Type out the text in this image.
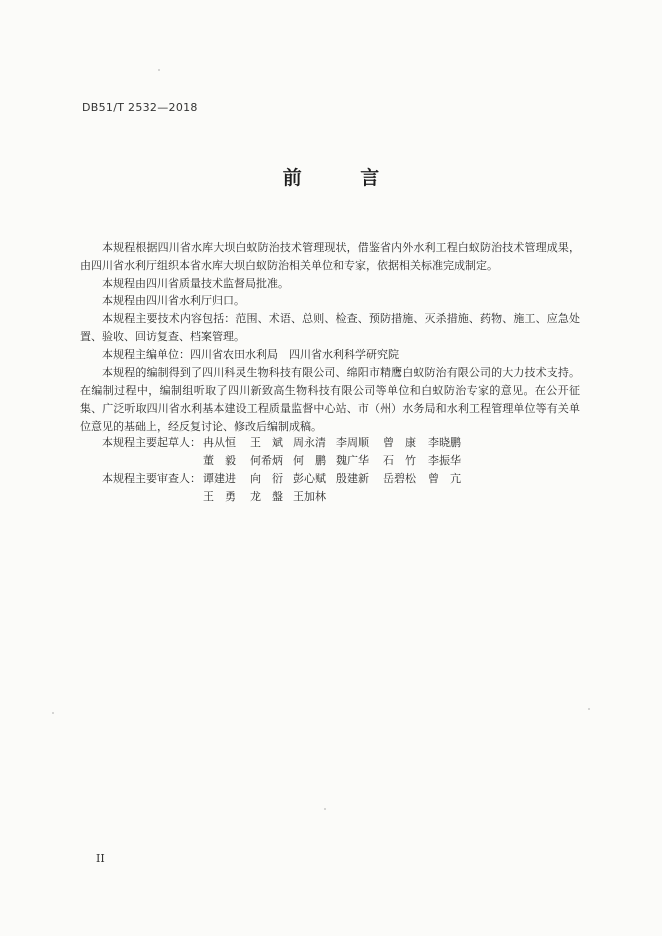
DB51/T 2532—2018
前 言
本规程根据四川省水库大坝白蚁防治技术管理现状，借鉴省内外水利工程白蚁防治技术管理成果，由四川省水利厅组织本省水库大坝白蚁防治相关单位和专家，依据相关标准完成制定。
本规程由四川省质量技术监督局批准。
本规程由四川省水利厅归口。
本规程主要技术内容包括：范围、术语、总则、检查、预防措施、灭杀措施、药物、施工、应急处置、验收、回访复查、档案管理。
本规程主编单位：四川省农田水利局　四川省水利科学研究院
本规程的编制得到了四川科灵生物科技有限公司、绵阳市精鹰白蚁防治有限公司的大力技术支持。在编制过程中，编制组听取了四川新致高生物科技有限公司等单位和白蚁防治专家的意见。在公开征集、广泛听取四川省水利基本建设工程质量监督中心站、市（州）水务局和水利工程管理单位等有关单位意见的基础上，经反复讨论、修改后编制成稿。
本规程主要起草人： 冉从恒 王　斌 周永清 李周顺 曾　康 李晓鹏
董　毅 何希炳 何　鹏 魏广华 石　竹 李振华
本规程主要审查人： 谭建进 向　衍 彭心赋 殷建新 岳碧松 曾　亢
王　勇 龙　盤 王加林
II
